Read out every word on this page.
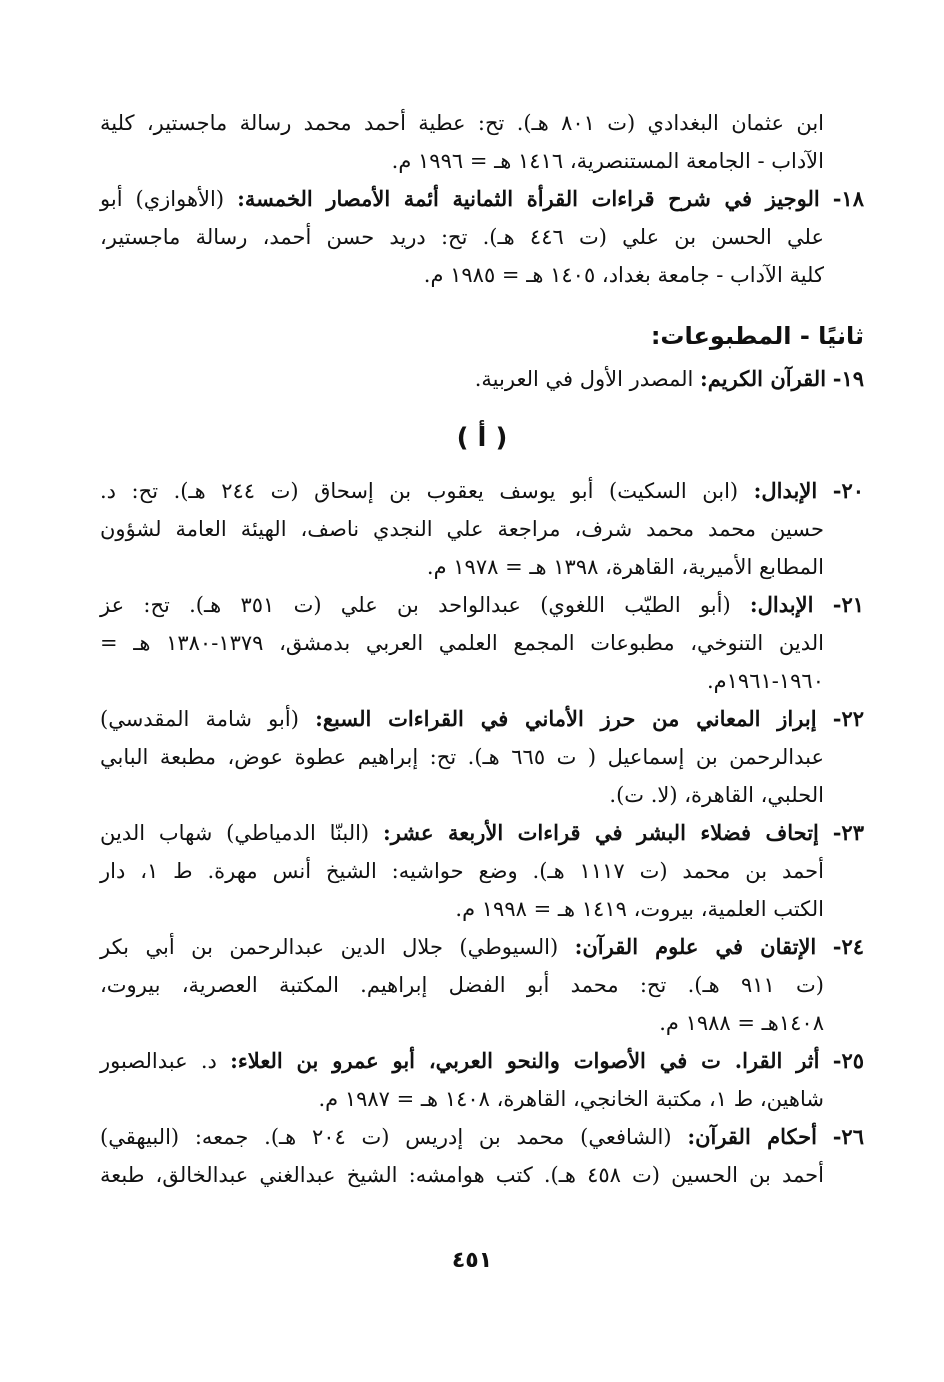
ابن عثمان البغدادي (ت ٨٠١ هـ). تح: عطية أحمد محمد رسالة ماجستير، كلية
الآداب - الجامعة المستنصرية، ١٤١٦ هـ = ١٩٩٦ م.
١٨- الوجيز في شرح قراءات القرأة الثمانية أئمة الأمصار الخمسة: (الأهوازي) أبو
علي الحسن بن علي (ت ٤٤٦ هـ). تح: دريد حسن أحمد، رسالة ماجستير،
كلية الآداب - جامعة بغداد، ١٤٠٥ هـ = ١٩٨٥ م.
ثانيًا - المطبوعات:
١٩- القرآن الكريم: المصدر الأول في العربية.
( أ )
٢٠- الإبدال: (ابن السكيت) أبو يوسف يعقوب بن إسحاق (ت ٢٤٤ هـ). تح: د.
حسين محمد محمد شرف، مراجعة علي النجدي ناصف، الهيئة العامة لشؤون
المطابع الأميرية، القاهرة، ١٣٩٨ هـ = ١٩٧٨ م.
٢١- الإبدال: (أبو الطيّب اللغوي) عبدالواحد بن علي (ت ٣٥١ هـ). تح: عز
الدين التنوخي، مطبوعات المجمع العلمي العربي بدمشق، ١٣٧٩-١٣٨٠ هـ =
١٩٦٠-١٩٦١م.
٢٢- إبراز المعاني من حرز الأماني في القراءات السبع: (أبو شامة المقدسي)
عبدالرحمن بن إسماعيل ( ت ٦٦٥ هـ). تح: إبراهيم عطوة عوض، مطبعة البابي
الحلبي، القاهرة، (لا. ت).
٢٣- إتحاف فضلاء البشر في قراءات الأربعة عشر: (البنّا الدمياطي) شهاب الدين
أحمد بن محمد (ت ١١١٧ هـ). وضع حواشيه: الشيخ أنس مهرة. ط ١، دار
الكتب العلمية، بيروت، ١٤١٩ هـ = ١٩٩٨ م.
٢٤- الإتقان في علوم القرآن: (السيوطي) جلال الدين عبدالرحمن بن أبي بكر
(ت ٩١١ هـ). تح: محمد أبو الفضل إبراهيم. المكتبة العصرية، بيروت،
١٤٠٨هـ = ١٩٨٨ م.
٢٥- أثر القرا. ت في الأصوات والنحو العربي، أبو عمرو بن العلاء: د. عبدالصبور
شاهين، ط ١، مكتبة الخانجي، القاهرة، ١٤٠٨ هـ = ١٩٨٧ م.
٢٦- أحكام القرآن: (الشافعي) محمد بن إدريس (ت ٢٠٤ هـ). جمعه: (البيهقي)
أحمد بن الحسين (ت ٤٥٨ هـ). كتب هوامشه: الشيخ عبدالغني عبدالخالق، طبعة
٤٥١
